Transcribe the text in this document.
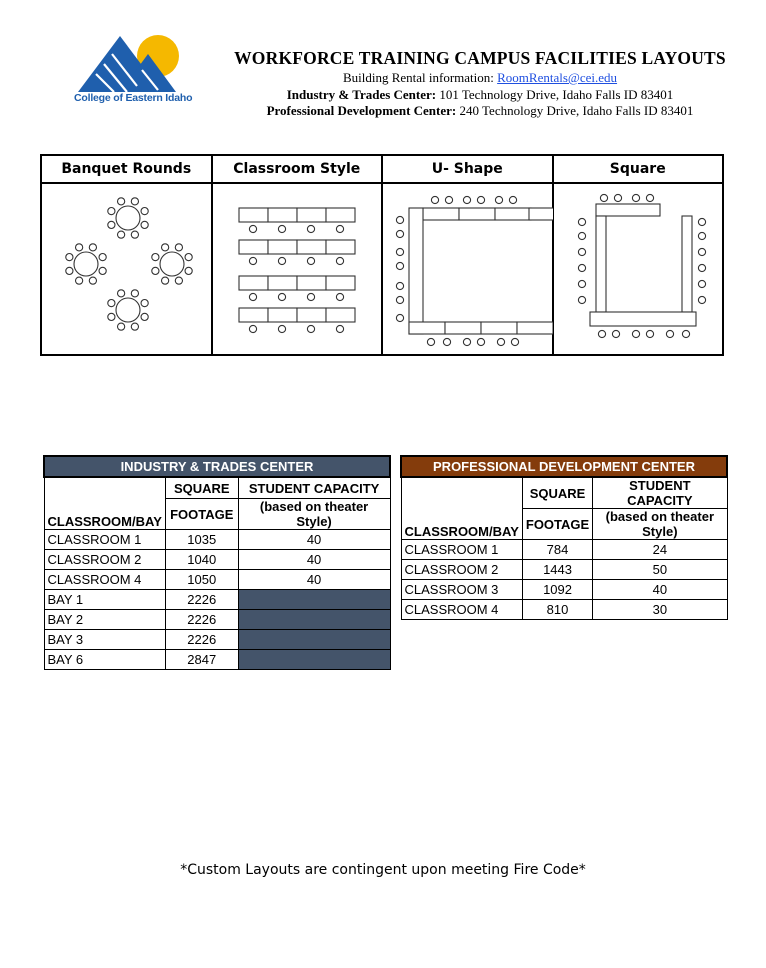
College of Eastern Idaho
WORKFORCE TRAINING CAMPUS FACILITIES LAYOUTS
Building Rental information: RoomRentals@cei.edu
Industry & Trades Center: 101 Technology Drive, Idaho Falls ID 83401
Professional Development Center: 240 Technology Drive, Idaho Falls ID 83401
Banquet Rounds	Classroom Style	U- Shape	Square
INDUSTRY & TRADES CENTER		
CLASSROOM/BAY	SQUARE	STUDENT CAPACITY
	FOOTAGE	(based on theater Style)
CLASSROOM 1	1035	40
CLASSROOM 2	1040	40
CLASSROOM 4	1050	40
BAY 1	2226	
BAY 2	2226	
BAY 3	2226	
BAY 6	2847	
PROFESSIONAL DEVELOPMENT CENTER		
CLASSROOM/BAY	SQUARE	STUDENT CAPACITY
	FOOTAGE	(based on theater Style)
CLASSROOM 1	784	24
CLASSROOM 2	1443	50
CLASSROOM 3	1092	40
CLASSROOM 4	810	30
*Custom Layouts are contingent upon meeting Fire Code*
